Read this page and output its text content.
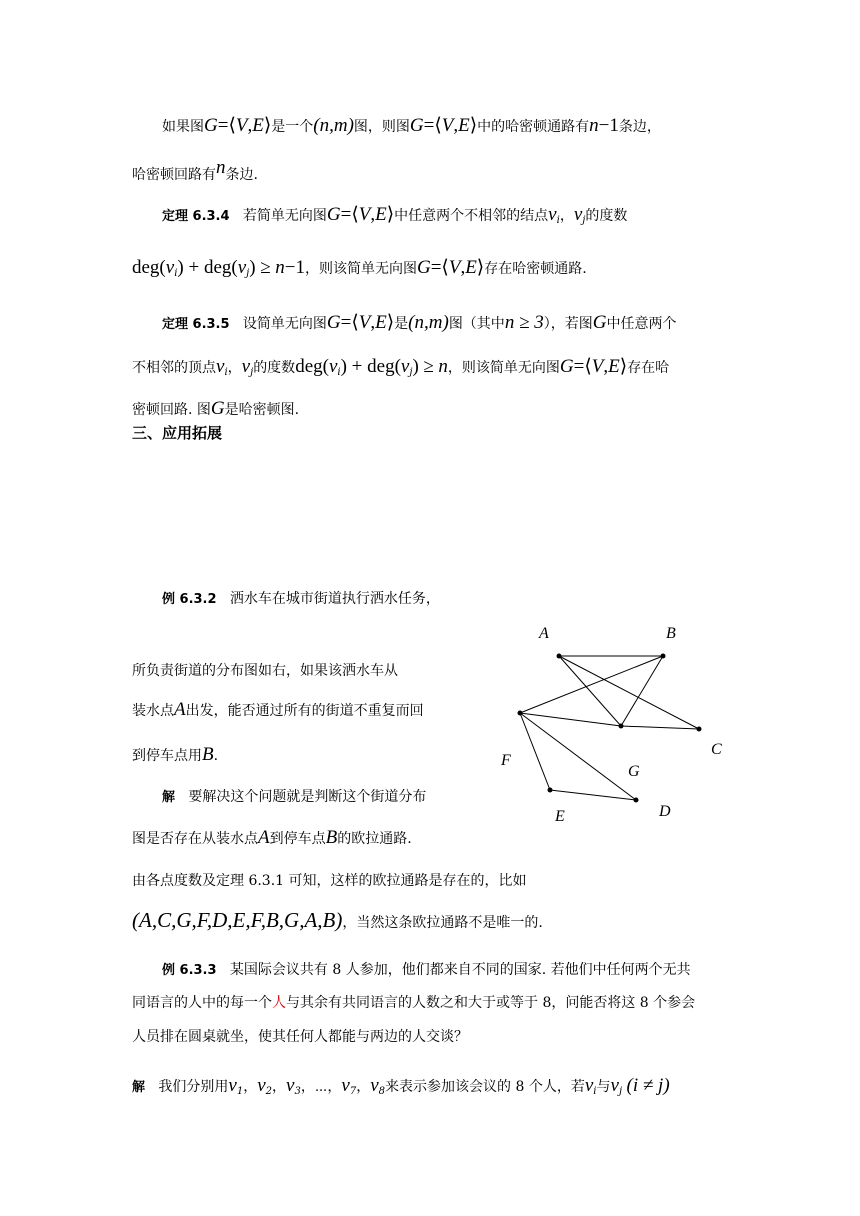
如果图G=⟨V,E⟩是一个(n,m)图，则图G=⟨V,E⟩中的哈密顿通路有n−1条边，
哈密顿回路有n条边.
定理 6.3.4 若简单无向图G=⟨V,E⟩中任意两个不相邻的结点$v_i$，$v_j$的度数
$deg(v_i) + deg(v_j) \ge n-1$，则该简单无向图G=⟨V,E⟩存在哈密顿通路.
定理 6.3.5 设简单无向图G=⟨V,E⟩是(n,m)图（其中n ≥ 3），若图G中任意两个
不相邻的顶点$v_i$，$v_j$的度数$deg(v_i) + deg(v_j) \ge n$，则该简单无向图G=⟨V,E⟩存在哈
密顿回路. 图G是哈密顿图.
三、应用拓展
例 6.3.2 洒水车在城市街道执行洒水任务，
所负责街道的分布图如右，如果该洒水车从
装水点A出发，能否通过所有的街道不重复而回
到停车点用B.
解 要解决这个问题就是判断这个街道分布
图是否存在从装水点A到停车点B的欧拉通路.
由各点度数及定理 6.3.1 可知，这样的欧拉通路是存在的，比如
(A,C,G,F,D,E,F,B,G,A,B)，当然这条欧拉通路不是唯一的.
A	B
C
F
G
E	D
例 6.3.3 某国际会议共有 8 人参加，他们都来自不同的国家. 若他们中任何两个无共
同语言的人中的每一个人与其余有共同语言的人数之和大于或等于 8，问能否将这 8 个参会
人员排在圆桌就坐，使其任何人都能与两边的人交谈？
解 我们分别用$v_1$，$v_2$，$v_3$，⋯，$v_7$，$v_8$来表示参加该会议的 8 个人，若$v_i$与$v_j$ (i ≠ j)
